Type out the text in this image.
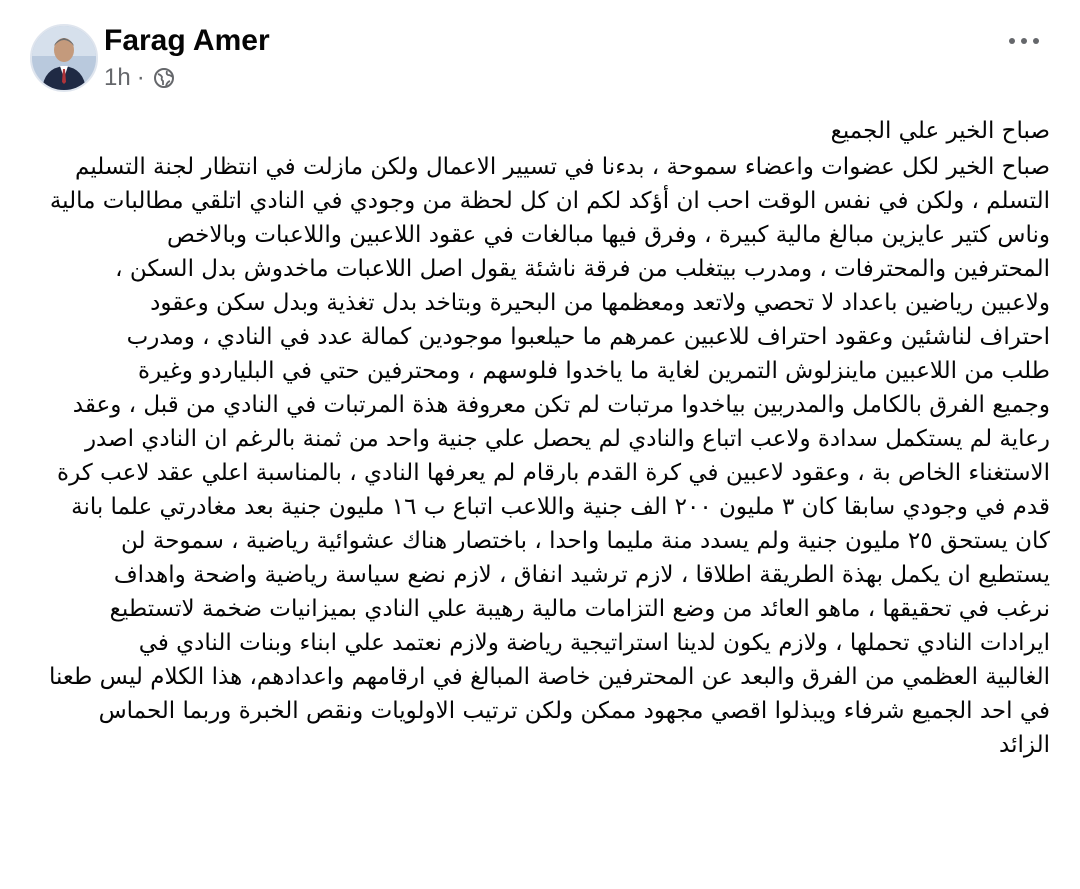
Farag Amer
1h ·
صباح الخير علي الجميع
صباح الخير لكل عضوات واعضاء سموحة ، بدءنا في تسيير الاعمال ولكن مازلت في انتظار لجنة التسليم
التسلم ، ولكن في نفس الوقت احب ان أؤكد لكم ان كل لحظة من وجودي في النادي اتلقي مطالبات مالية
وناس كتير عايزين مبالغ مالية كبيرة ، وفرق فيها مبالغات في عقود اللاعبين واللاعبات وبالاخص
المحترفين والمحترفات ، ومدرب بيتغلب من فرقة ناشئة يقول اصل اللاعبات ماخدوش بدل السكن ،
ولاعبين رياضين باعداد لا تحصي ولاتعد ومعظمها من البحيرة وبتاخد بدل تغذية وبدل سكن وعقود
احتراف لناشئين وعقود احتراف للاعبين عمرهم ما حيلعبوا موجودين كمالة عدد في النادي ، ومدرب
طلب من اللاعبين ماينزلوش التمرين لغاية ما ياخدوا فلوسهم ، ومحترفين حتي في البلياردو وغيرة
وجميع الفرق بالكامل والمدربين بياخدوا مرتبات لم تكن معروفة هذة المرتبات في النادي من قبل ، وعقد
رعاية لم يستكمل سدادة ولاعب اتباع والنادي لم يحصل علي جنية واحد من ثمنة بالرغم ان النادي اصدر
الاستغناء الخاص بة ، وعقود لاعبين في كرة القدم بارقام لم يعرفها النادي ، بالمناسبة اعلي عقد لاعب كرة
قدم في وجودي سابقا كان ٣ مليون ٢٠٠ الف جنية واللاعب اتباع ب ١٦ مليون جنية بعد مغادرتي علما بانة
كان يستحق ٢٥ مليون جنية ولم يسدد منة مليما واحدا ، باختصار هناك عشوائية رياضية ، سموحة لن
يستطيع ان يكمل بهذة الطريقة اطلاقا ، لازم ترشيد انفاق ، لازم نضع سياسة رياضية واضحة واهداف
نرغب في تحقيقها ، ماهو العائد من وضع التزامات مالية رهيبة علي النادي بميزانيات ضخمة لاتستطيع
ايرادات النادي تحملها ، ولازم يكون لدينا استراتيجية رياضة ولازم نعتمد علي ابناء وبنات النادي في
الغالبية العظمي من الفرق والبعد عن المحترفين خاصة المبالغ في ارقامهم واعدادهم، هذا الكلام ليس طعنا
في احد الجميع شرفاء ويبذلوا اقصي مجهود ممكن ولكن ترتيب الاولويات ونقص الخبرة وربما الحماس
الزائد
